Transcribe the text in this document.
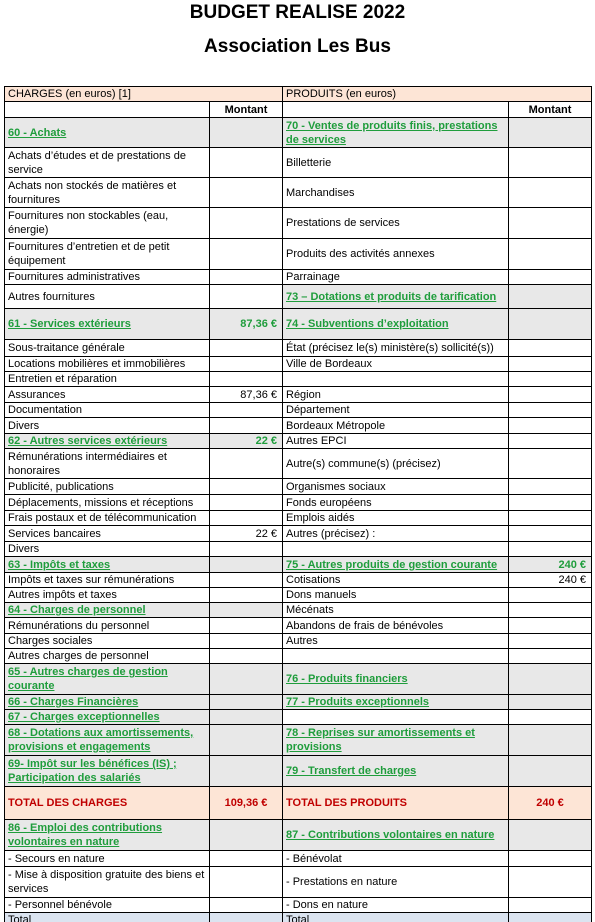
BUDGET REALISE 2022
Association Les Bus
CHARGES (en euros) [1]		PRODUITS (en euros)	
	Montant		Montant
60 - Achats		70 - Ventes de produits finis, prestations de services	
Achats d’études et de prestations de service		Billetterie	
Achats non stockés de matières et fournitures		Marchandises	
Fournitures non stockables (eau, énergie)		Prestations de services	
Fournitures d’entretien et de petit équipement		Produits des activités annexes	
Fournitures administratives		Parrainage	
Autres fournitures		73 – Dotations et produits de tarification	
61 - Services extérieurs	87,36 €	74 - Subventions d’exploitation	
Sous-traitance générale		État (précisez le(s) ministère(s) sollicité(s))	
Locations mobilières et immobilières		Ville de Bordeaux	
Entretien et réparation			
Assurances	87,36 €	Région	
Documentation		Département	
Divers		Bordeaux Métropole	
62 - Autres services extérieurs	22 €	Autres EPCI	
Rémunérations intermédiaires et honoraires		Autre(s) commune(s) (précisez)	
Publicité, publications		Organismes sociaux	
Déplacements, missions et réceptions		Fonds européens	
Frais postaux et de télécommunication		Emplois aidés	
Services bancaires	22 €	Autres (précisez) :	
Divers			
63 - Impôts et taxes		75 - Autres produits de gestion courante	240 €
Impôts et taxes sur rémunérations		Cotisations	240 €
Autres impôts et taxes		Dons manuels	
64 - Charges de personnel		Mécénats	
Rémunérations du personnel		Abandons de frais de bénévoles	
Charges sociales		Autres	
Autres charges de personnel			
65 - Autres charges de gestion courante		76 - Produits financiers	
66 - Charges Financières		77 - Produits exceptionnels	
67 - Charges exceptionnelles			
68 - Dotations aux amortissements, provisions et engagements		78 - Reprises sur amortissements et provisions	
69- Impôt sur les bénéfices (IS) ; Participation des salariés		79 - Transfert de charges	
TOTAL DES CHARGES	109,36 €	TOTAL DES PRODUITS	240 €
86 - Emploi des contributions volontaires en nature		87 - Contributions volontaires en nature	
- Secours en nature		- Bénévolat	
- Mise à disposition gratuite des biens et services		- Prestations en nature	
- Personnel bénévole		- Dons en nature	
Total		Total	
